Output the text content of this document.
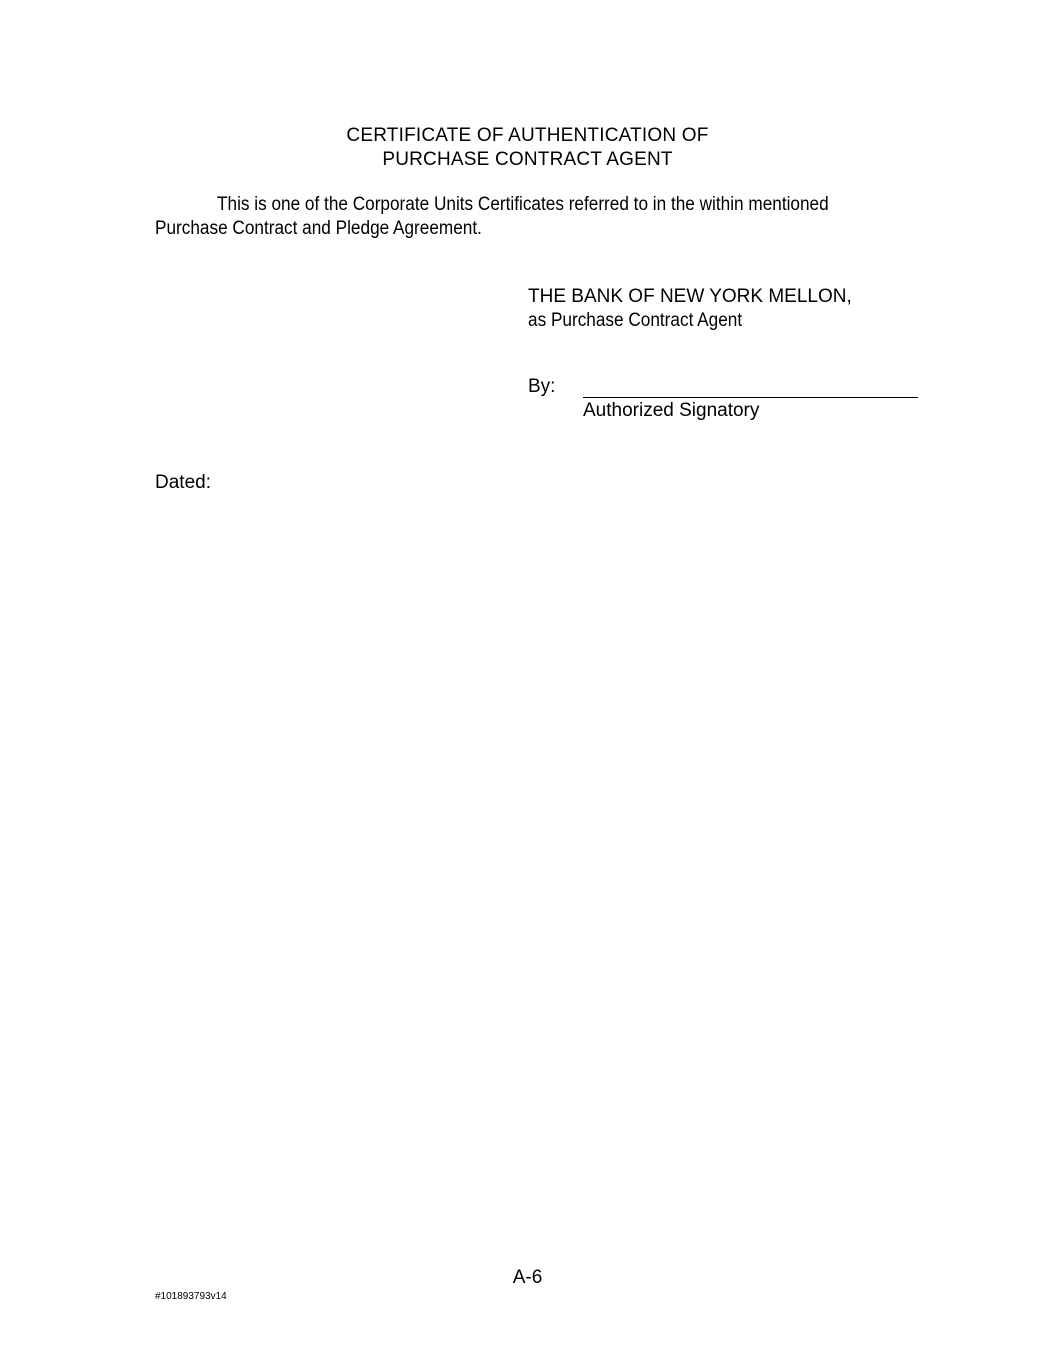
CERTIFICATE OF AUTHENTICATION OF
PURCHASE CONTRACT AGENT
This is one of the Corporate Units Certificates referred to in the within mentioned
Purchase Contract and Pledge Agreement.
THE BANK OF NEW YORK MELLON,
as Purchase Contract Agent
By:
Authorized Signatory
Dated:
A-6
#101893793v14
